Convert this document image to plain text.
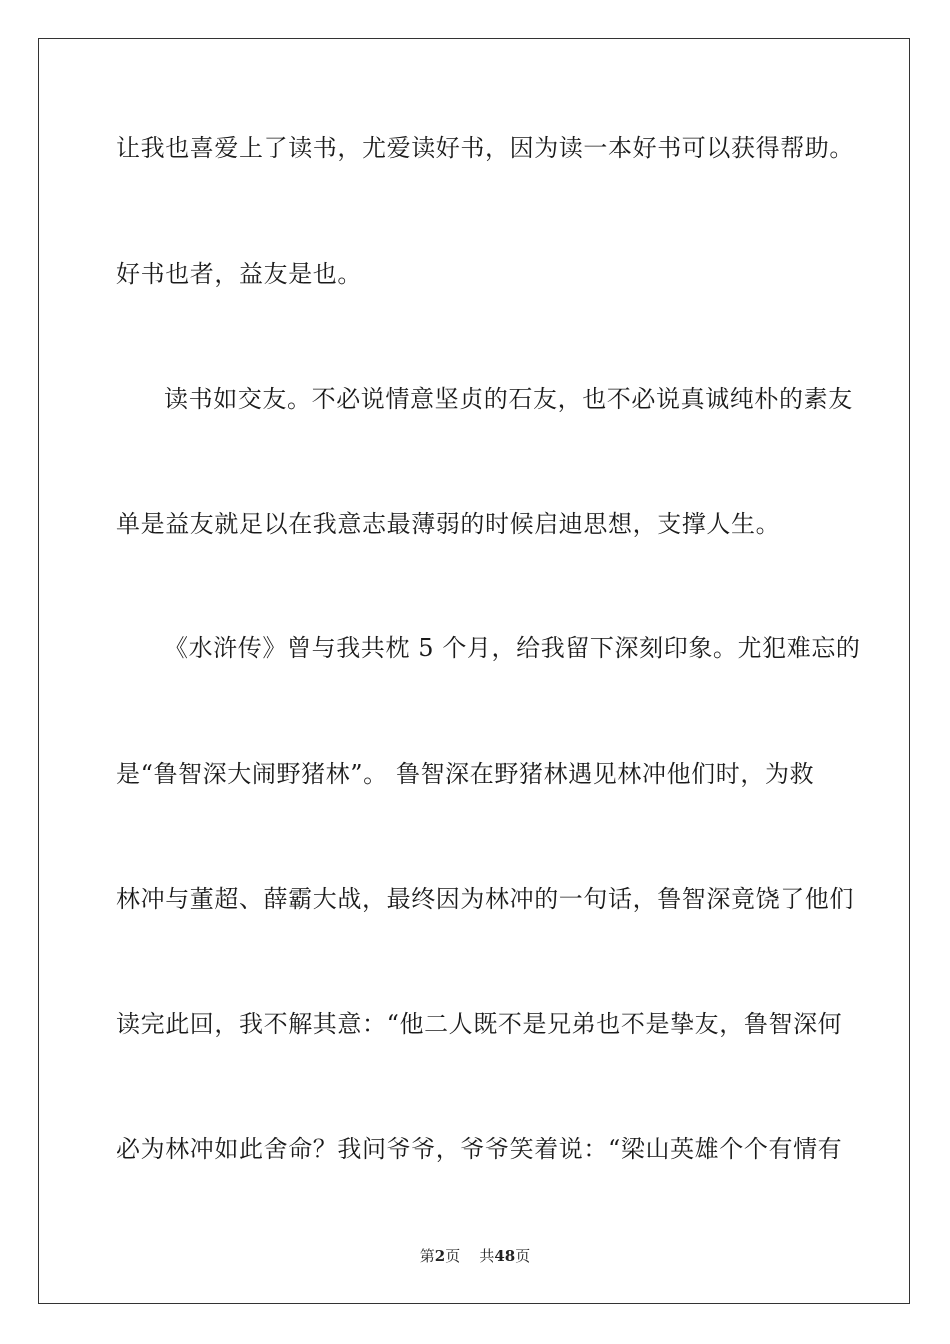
让我也喜爱上了读书，尤爱读好书，因为读一本好书可以获得帮助。
好书也者，益友是也。
读书如交友。不必说情意坚贞的石友，也不必说真诚纯朴的素友
单是益友就足以在我意志最薄弱的时候启迪思想，支撑人生。
《水浒传》曾与我共枕 5 个月，给我留下深刻印象。尤犯难忘的
是“鲁智深大闹野猪林”。 鲁智深在野猪林遇见林冲他们时，为救
林冲与董超、薛霸大战，最终因为林冲的一句话，鲁智深竟饶了他们
读完此回，我不解其意：“他二人既不是兄弟也不是挚友，鲁智深何
必为林冲如此舍命？我问爷爷，爷爷笑着说：“梁山英雄个个有情有
第2页 共48页
